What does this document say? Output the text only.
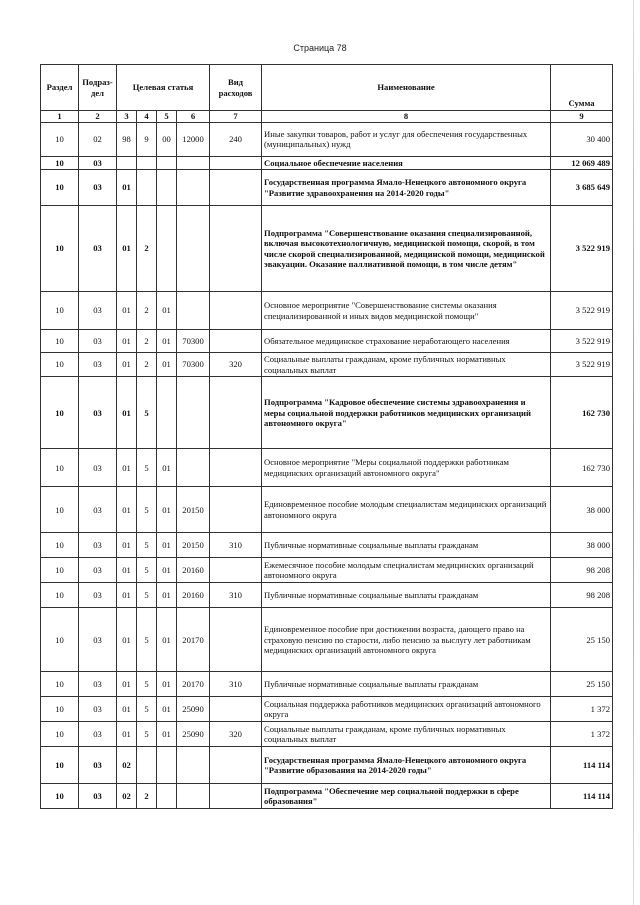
Страница 78
Раздел	Подраз-дел	Целевая статья				Вид расходов	Наименование	Сумма
1	2	3	4	5	6	7	8	9
10	02	98	9	00	12000	240	Иные закупки товаров, работ и услуг для обеспечения государственных (муниципальных) нужд	30 400
10	03						Социальное обеспечение населения	12 069 489
10	03	01					Государственная программа Ямало-Ненецкого автономного округа "Развитие здравоохранения на 2014-2020 годы"	3 685 649
10	03	01	2				Подпрограмма "Совершенствование оказания специализированной, включая высокотехнологичную, медицинской помощи, скорой, в том числе скорой специализированной, медицинской помощи, медицинской эвакуации. Оказание паллиативной помощи, в том числе детям"	3 522 919
10	03	01	2	01			Основное мероприятие "Совершенствование системы оказания специализированной и иных видов медицинской помощи"	3 522 919
10	03	01	2	01	70300		Обязательное медицинское страхование неработающего населения	3 522 919
10	03	01	2	01	70300	320	Социальные выплаты гражданам, кроме публичных нормативных социальных выплат	3 522 919
10	03	01	5				Подпрограмма "Кадровое обеспечение системы здравоохранения и меры социальной поддержки работников медицинских организаций автономного округа"	162 730
10	03	01	5	01			Основное мероприятие "Меры социальной поддержки работникам медицинских организаций автономного округа"	162 730
10	03	01	5	01	20150		Единовременное пособие молодым специалистам медицинских организаций автономного округа	38 000
10	03	01	5	01	20150	310	Публичные нормативные социальные выплаты гражданам	38 000
10	03	01	5	01	20160		Ежемесячное пособие молодым специалистам медицинских организаций автономного округа	98 208
10	03	01	5	01	20160	310	Публичные нормативные социальные выплаты гражданам	98 208
10	03	01	5	01	20170		Единовременное пособие при достижении возраста, дающего право на страховую пенсию по старости, либо пенсию за выслугу лет работникам медицинских организаций автономного округа	25 150
10	03	01	5	01	20170	310	Публичные нормативные социальные выплаты гражданам	25 150
10	03	01	5	01	25090		Социальная поддержка работников медицинских организаций автономного округа	1 372
10	03	01	5	01	25090	320	Социальные выплаты гражданам, кроме публичных нормативных социальных выплат	1 372
10	03	02					Государственная программа Ямало-Ненецкого автономного округа "Развитие образования на 2014-2020 годы"	114 114
10	03	02	2				Подпрограмма "Обеспечение мер социальной поддержки в сфере образования"	114 114
